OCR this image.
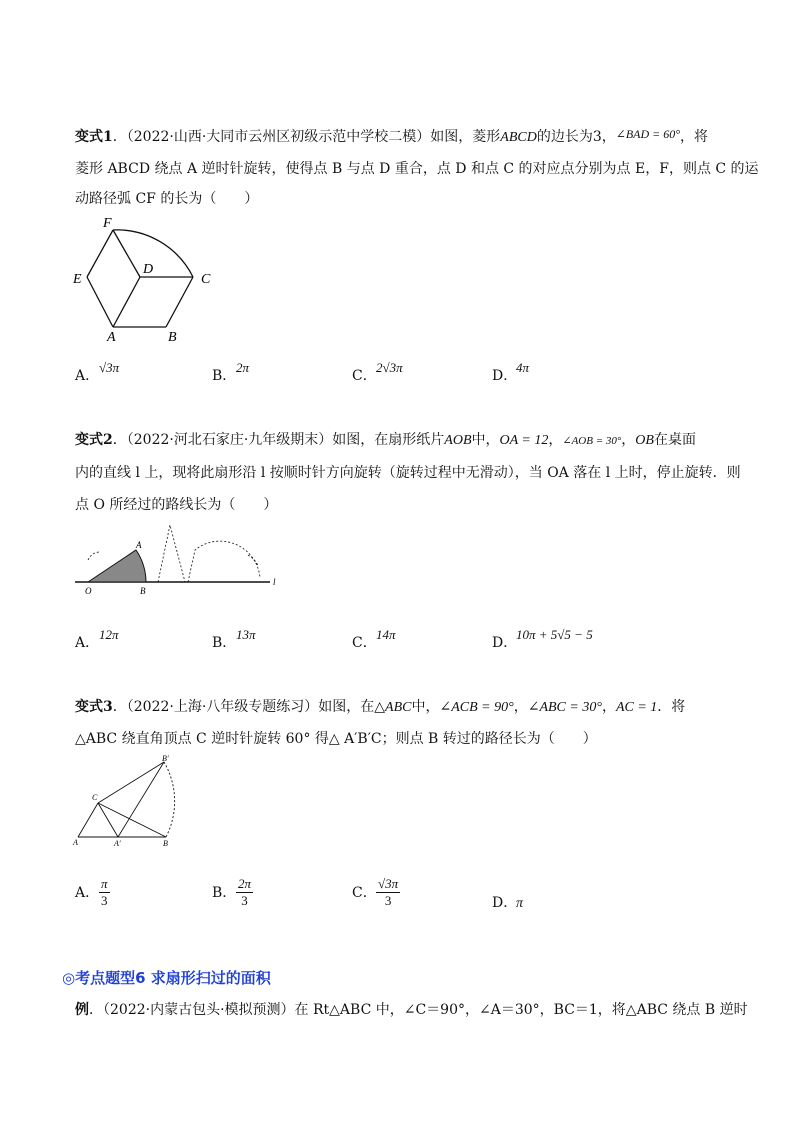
变式1．（2022·山西·大同市云州区初级示范中学校二模）如图，菱形ABCD的边长为3，∠BAD = 60°，将
菱形 ABCD 绕点 A 逆时针旋转，使得点 B 与点 D 重合，点 D 和点 C 的对应点分别为点 E，F，则点 C 的运
动路径弧 CF 的长为（　　）
F
E
D
C
A	B
A．√3π
B．2π
C．2√3π
D．4π
变式2．（2022·河北石家庄·九年级期末）如图，在扇形纸片AOB中，OA = 12，∠AOB = 30°，OB在桌面
内的直线 l 上，现将此扇形沿 l 按顺时针方向旋转（旋转过程中无滑动），当 OA 落在 l 上时，停止旋转．则
点 O 所经过的路线长为（　　）
O	B
A
l
A．12π
B．13π
C．14π
D．10π + 5√5 − 5
变式3．（2022·上海·八年级专题练习）如图，在△ABC中，∠ACB = 90°，∠ABC = 30°，AC = 1．将
△ABC 绕直角顶点 C 逆时针旋转 60° 得△ A′B′C；则点 B 转过的路径长为（　　）
B′
C
A	A′	B
A． $\frac{\pi}{3}$	B． $\frac{2\pi}{3}$	C． $\frac{√3\pi}{3}$	D．π
◎考点题型6 求扇形扫过的面积
例．（2022·内蒙古包头·模拟预测）在 Rt△ABC 中，∠C＝90°，∠A＝30°，BC＝1，将△ABC 绕点 B 逆时
